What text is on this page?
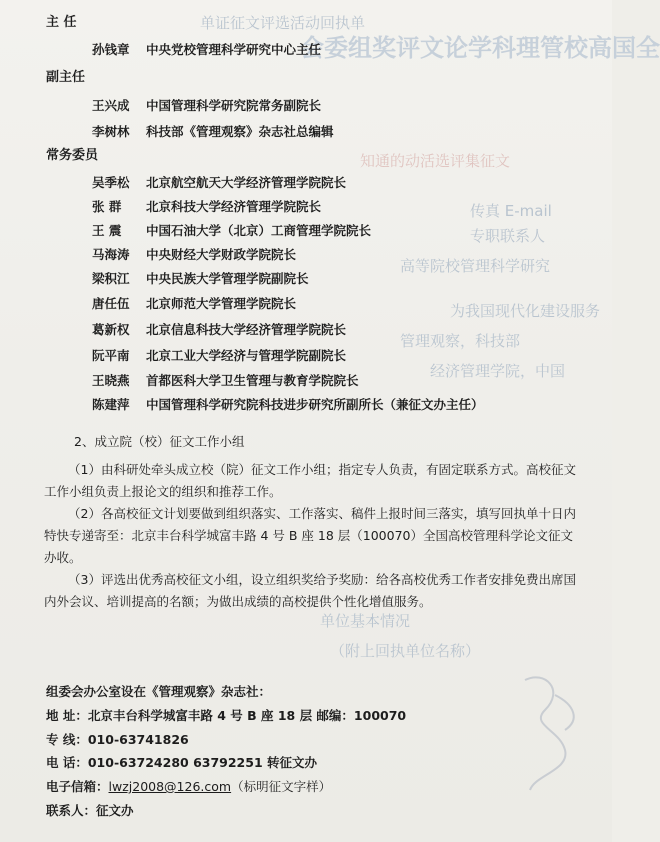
会委组奖评文论学科理管校高国全
单证征文评选活动回执单
知通的动活选评集征文
传真 E-mail
专职联系人
高等院校管理科学研究
为我国现代化建设服务
管理观察，科技部
经济管理学院，中国
单位基本情况
（附上回执单位名称）
主 任
孙钱章 中央党校管理科学研究中心主任
副主任
王兴成 中国管理科学研究院常务副院长
李树林 科技部《管理观察》杂志社总编辑
常务委员
吴季松 北京航空航天大学经济管理学院院长
张 群 北京科技大学经济管理学院院长
王 震 中国石油大学（北京）工商管理学院院长
马海涛 中央财经大学财政学院院长
梁积江 中央民族大学管理学院副院长
唐任伍 北京师范大学管理学院院长
葛新权 北京信息科技大学经济管理学院院长
阮平南 北京工业大学经济与管理学院副院长
王晓燕 首都医科大学卫生管理与教育学院院长
陈建萍 中国管理科学研究院科技进步研究所副所长（兼征文办主任）
2、成立院（校）征文工作小组

（1）由科研处牵头成立校（院）征文工作小组；指定专人负责，有固定联系方式。高校征文工作小组负责上报论文的组织和推荐工作。

（2）各高校征文计划要做到组织落实、工作落实、稿件上报时间三落实，填写回执单十日内特快专递寄至：北京丰台科学城富丰路 4 号 B 座 18 层（100070）全国高校管理科学论文征文办收。

（3）评选出优秀高校征文小组，设立组织奖给予奖励：给各高校优秀工作者安排免费出席国内外会议、培训提高的名额；为做出成绩的高校提供个性化增值服务。

组委会办公室设在《管理观察》杂志社：
地 址：北京丰台科学城富丰路 4 号 B 座 18 层 邮编：100070
专 线：010-63741826
电 话：010-63724280 63792251 转征文办
电子信箱：lwzj2008@126.com（标明征文字样）
联系人：征文办
